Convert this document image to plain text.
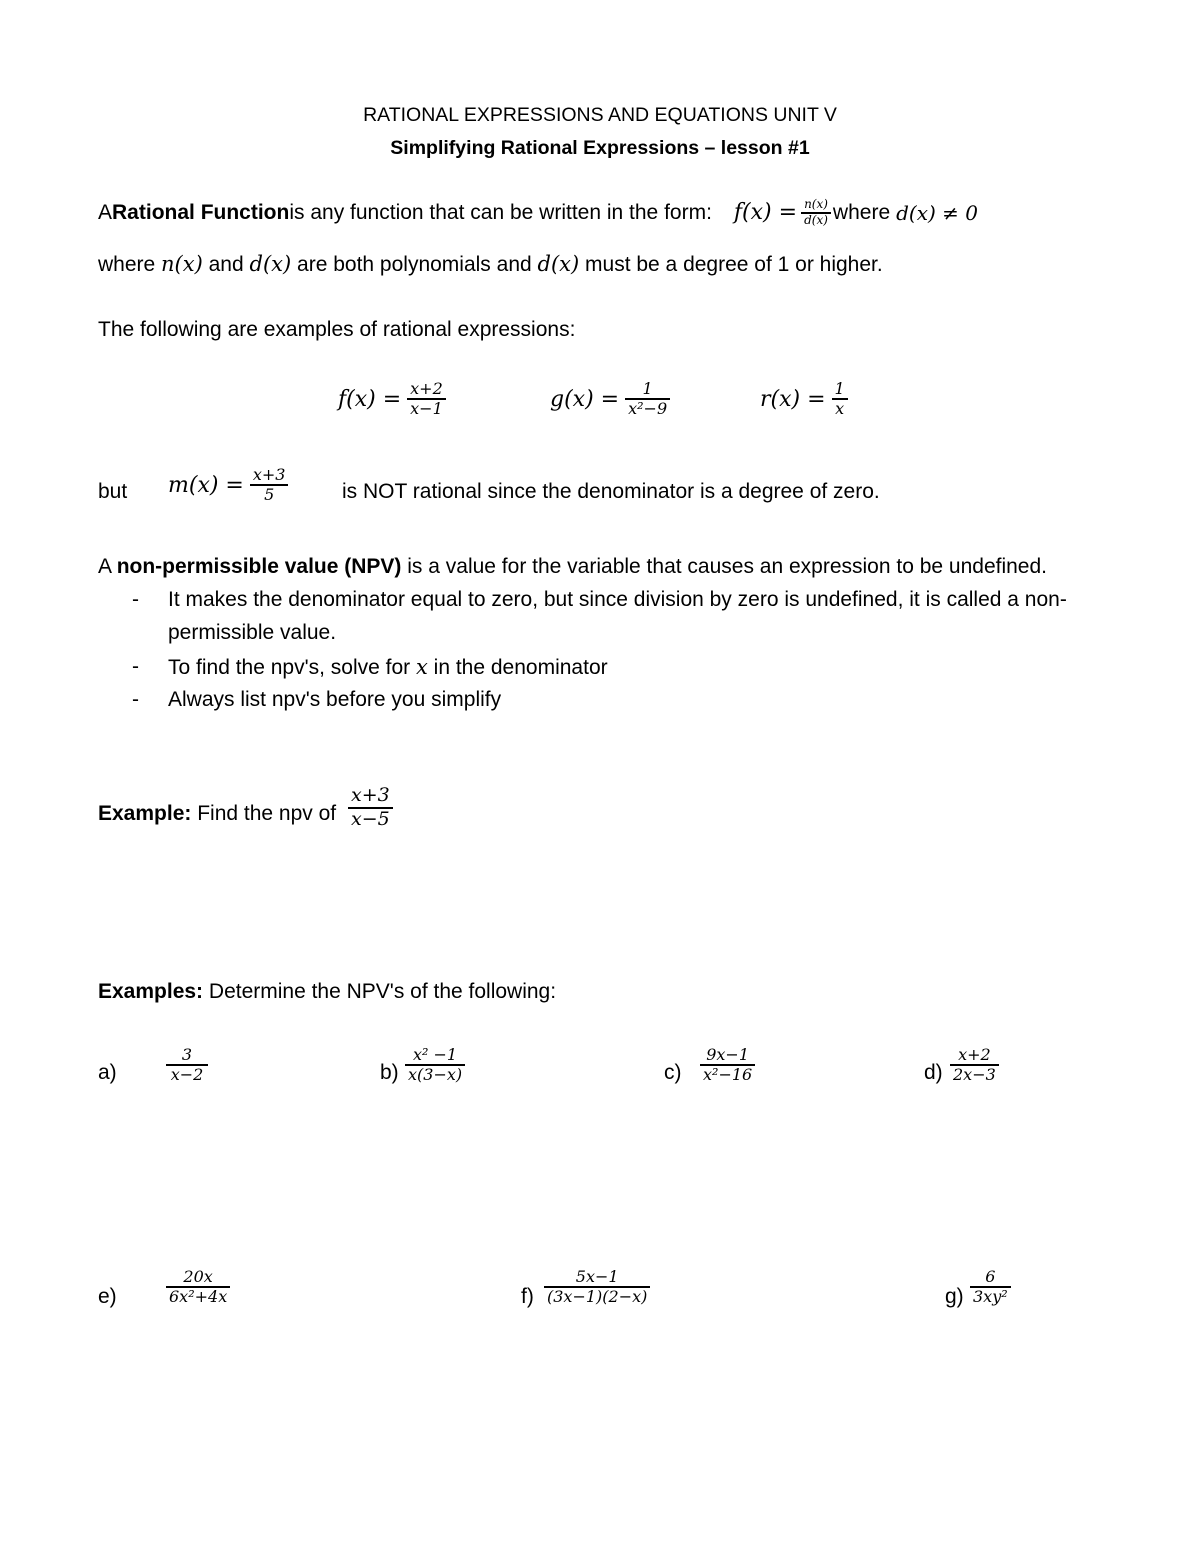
RATIONAL EXPRESSIONS AND EQUATIONS UNIT V
Simplifying Rational Expressions – lesson #1
A Rational Function is any function that can be written in the form: $f(x) = \frac{n(x)}{d(x)}$ where d(x) ≠ 0
where n(x) and d(x) are both polynomials and d(x) must be a degree of 1 or higher.
The following are examples of rational expressions:
$f(x) = \frac{x+2}{x-1}$	$g(x) = \frac{1}{\text{x²−9}}$	$r(x) = \frac{1}{x}$
but $m(x) = \frac{x+3}{5}$	is NOT rational since the denominator is a degree of zero.
A non-permissible value (NPV) is a value for the variable that causes an expression to be undefined.
- It makes the denominator equal to zero, but since division by zero is undefined, it is called a non-
permissible value.
- To find the npv's, solve for x in the denominator
- Always list npv's before you simplify
Example: Find the npv of $\frac{x+3}{x-5}$
Examples: Determine the NPV's of the following:
a)	$\frac{3}{x-2}$	$b) \frac{\text{x² −1}}{x(3-x)}$	$c) \frac{9x-1}{\text{x²−16}}$	$d) \frac{x+2}{2x-3}$
e)	$\frac{20x}{\text{6x²+4x}}$	$f) \frac{5x-1}{(3x-1)(2-x)}$	$g) \frac{6}{\text{3xy²}}$
